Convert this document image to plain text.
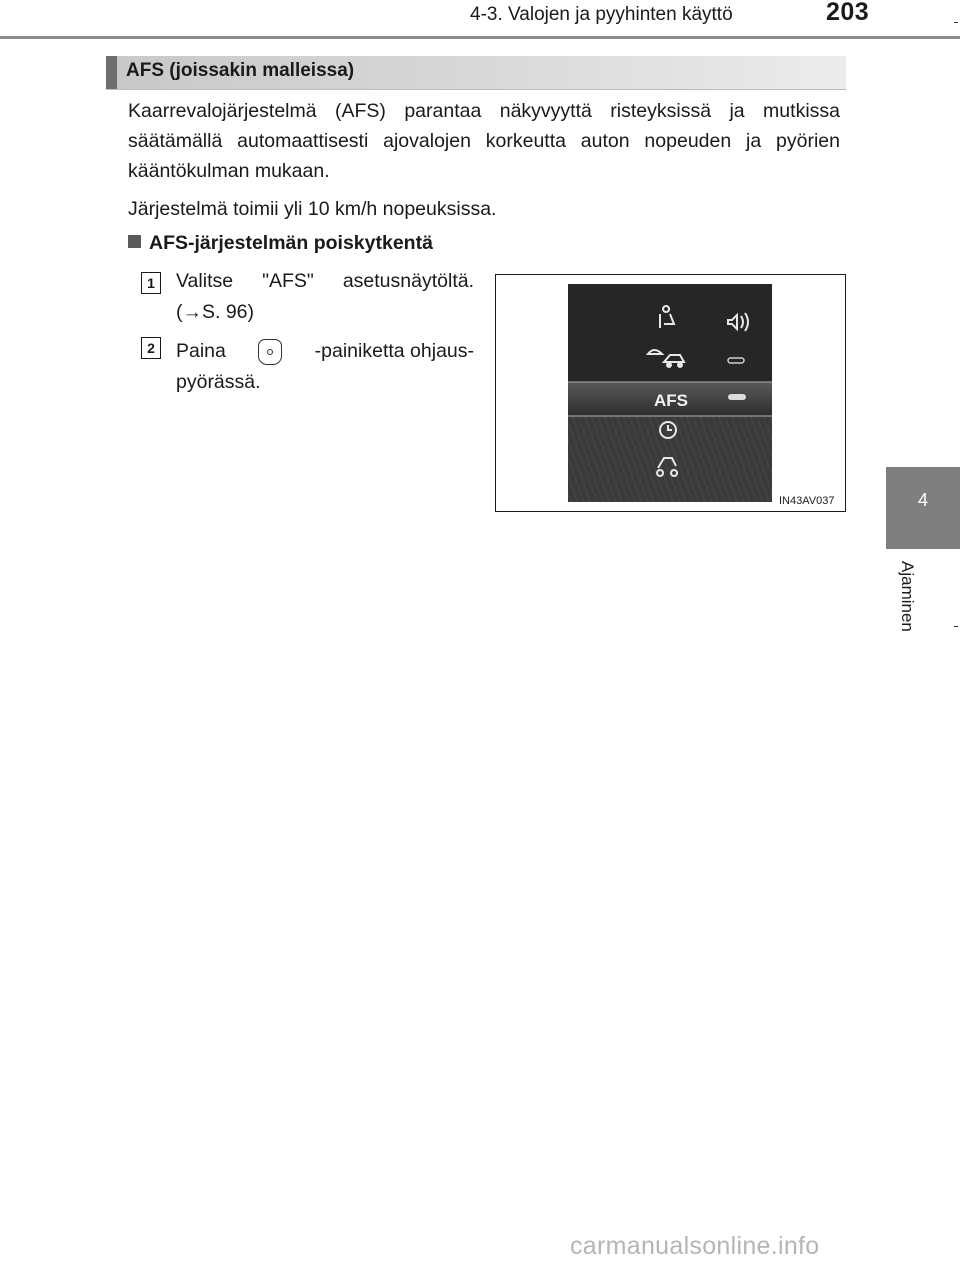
4-3. Valojen ja pyyhinten käyttö	203
4
Ajaminen
AFS (joissakin malleissa)

Kaarrevalojärjestelmä (AFS) parantaa näkyvyyttä risteyksissä ja mutkissa säätämällä automaattisesti ajovalojen korkeutta auton nopeuden ja pyörien kääntökulman mukaan.

Järjestelmä toimii yli 10 km/h nopeuksissa.

AFS-järjestelmän poiskytkentä
1	Valitse "AFS" asetusnäytöltä.
(→S. 96)
2	Paina	-painiketta ohjaus-
pyörässä.
AFS
IN43AV037
carmanualsonline.info
